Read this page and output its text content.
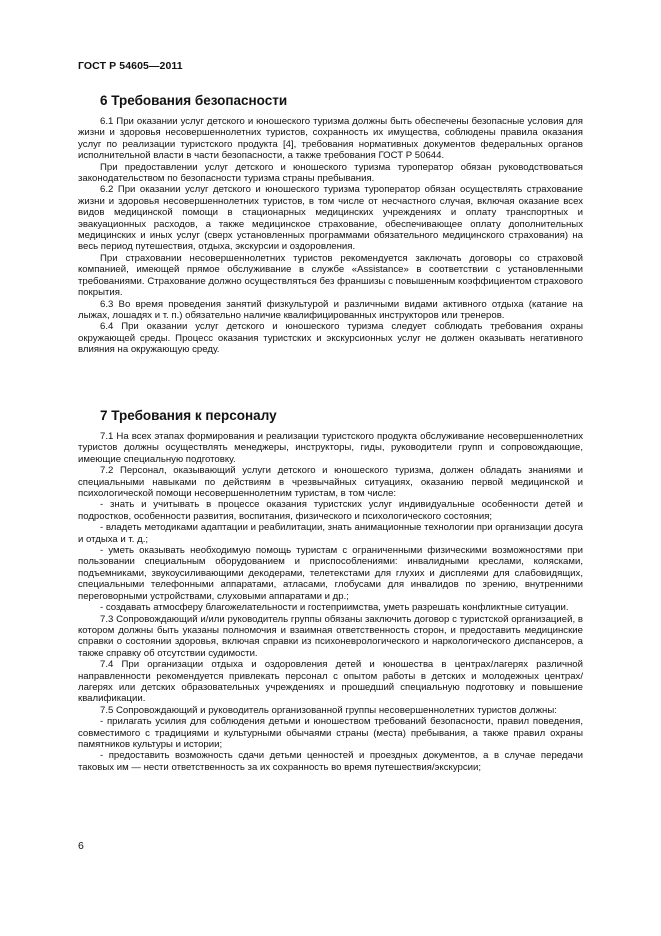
ГОСТ Р 54605—2011
6 Требования безопасности

6.1 При оказании услуг детского и юношеского туризма должны быть обеспечены безопасные условия для жизни и здоровья несовершеннолетних туристов, сохранность их имущества, соблюдены правила оказания услуг по реализации туристского продукта [4], требования нормативных документов федеральных органов исполнительной власти в части безопасности, а также требования ГОСТ Р 50644.

При предоставлении услуг детского и юношеского туризма туроператор обязан руководствоваться законодательством по безопасности туризма страны пребывания.

6.2 При оказании услуг детского и юношеского туризма туроператор обязан осуществлять страхование жизни и здоровья несовершеннолетних туристов, в том числе от несчастного случая, включая оказание всех видов медицинской помощи в стационарных медицинских учреждениях и оплату транспортных и эвакуационных расходов, а также медицинское страхование, обеспечивающее оплату дополнительных медицинских и иных услуг (сверх установленных программами обязательного медицинского страхования) на весь период путешествия, отдыха, экскурсии и оздоровления.

При страховании несовершеннолетних туристов рекомендуется заключать договоры со страховой компанией, имеющей прямое обслуживание в службе «Assistance» в соответствии с установленными требованиями. Страхование должно осуществляться без франшизы с повышенным коэффициентом страхового покрытия.

6.3 Во время проведения занятий физкультурой и различными видами активного отдыха (катание на лыжах, лошадях и т. п.) обязательно наличие квалифицированных инструкторов или тренеров.

6.4 При оказании услуг детского и юношеского туризма следует соблюдать требования охраны окружающей среды. Процесс оказания туристских и экскурсионных услуг не должен оказывать негативного влияния на окружающую среду.

7 Требования к персоналу

7.1 На всех этапах формирования и реализации туристского продукта обслуживание несовершеннолетних туристов должны осуществлять менеджеры, инструкторы, гиды, руководители групп и сопровождающие, имеющие специальную подготовку.

7.2 Персонал, оказывающий услуги детского и юношеского туризма, должен обладать знаниями и специальными навыками по действиям в чрезвычайных ситуациях, оказанию первой медицинской и психологической помощи несовершеннолетним туристам, в том числе:

- знать и учитывать в процессе оказания туристских услуг индивидуальные особенности детей и подростков, особенности развития, воспитания, физического и психологического состояния;

- владеть методиками адаптации и реабилитации, знать анимационные технологии при организации досуга и отдыха и т. д.;

- уметь оказывать необходимую помощь туристам с ограниченными физическими возможностями при пользовании специальным оборудованием и приспособлениями: инвалидными креслами, колясками, подъемниками, звукоусиливающими декодерами, телетекстами для глухих и дисплеями для слабовидящих, специальными телефонными аппаратами, атласами, глобусами для инвалидов по зрению, внутренними переговорными устройствами, слуховыми аппаратами и др.;

- создавать атмосферу благожелательности и гостеприимства, уметь разрешать конфликтные ситуации.

7.3 Сопровождающий и/или руководитель группы обязаны заключить договор с туристской организацией, в котором должны быть указаны полномочия и взаимная ответственность сторон, и предоставить медицинские справки о состоянии здоровья, включая справки из психоневрологического и наркологического диспансеров, а также справку об отсутствии судимости.

7.4 При организации отдыха и оздоровления детей и юношества в центрах/лагерях различной направленности рекомендуется привлекать персонал с опытом работы в детских и молодежных центрах/лагерях или детских образовательных учреждениях и прошедший специальную подготовку и повышение квалификации.

7.5 Сопровождающий и руководитель организованной группы несовершеннолетних туристов должны:

- прилагать усилия для соблюдения детьми и юношеством требований безопасности, правил поведения, совместимого с традициями и культурными обычаями страны (места) пребывания, а также правил охраны памятников культуры и истории;

- предоставить возможность сдачи детьми ценностей и проездных документов, а в случае передачи таковых им — нести ответственность за их сохранность во время путешествия/экскурсии;

6
